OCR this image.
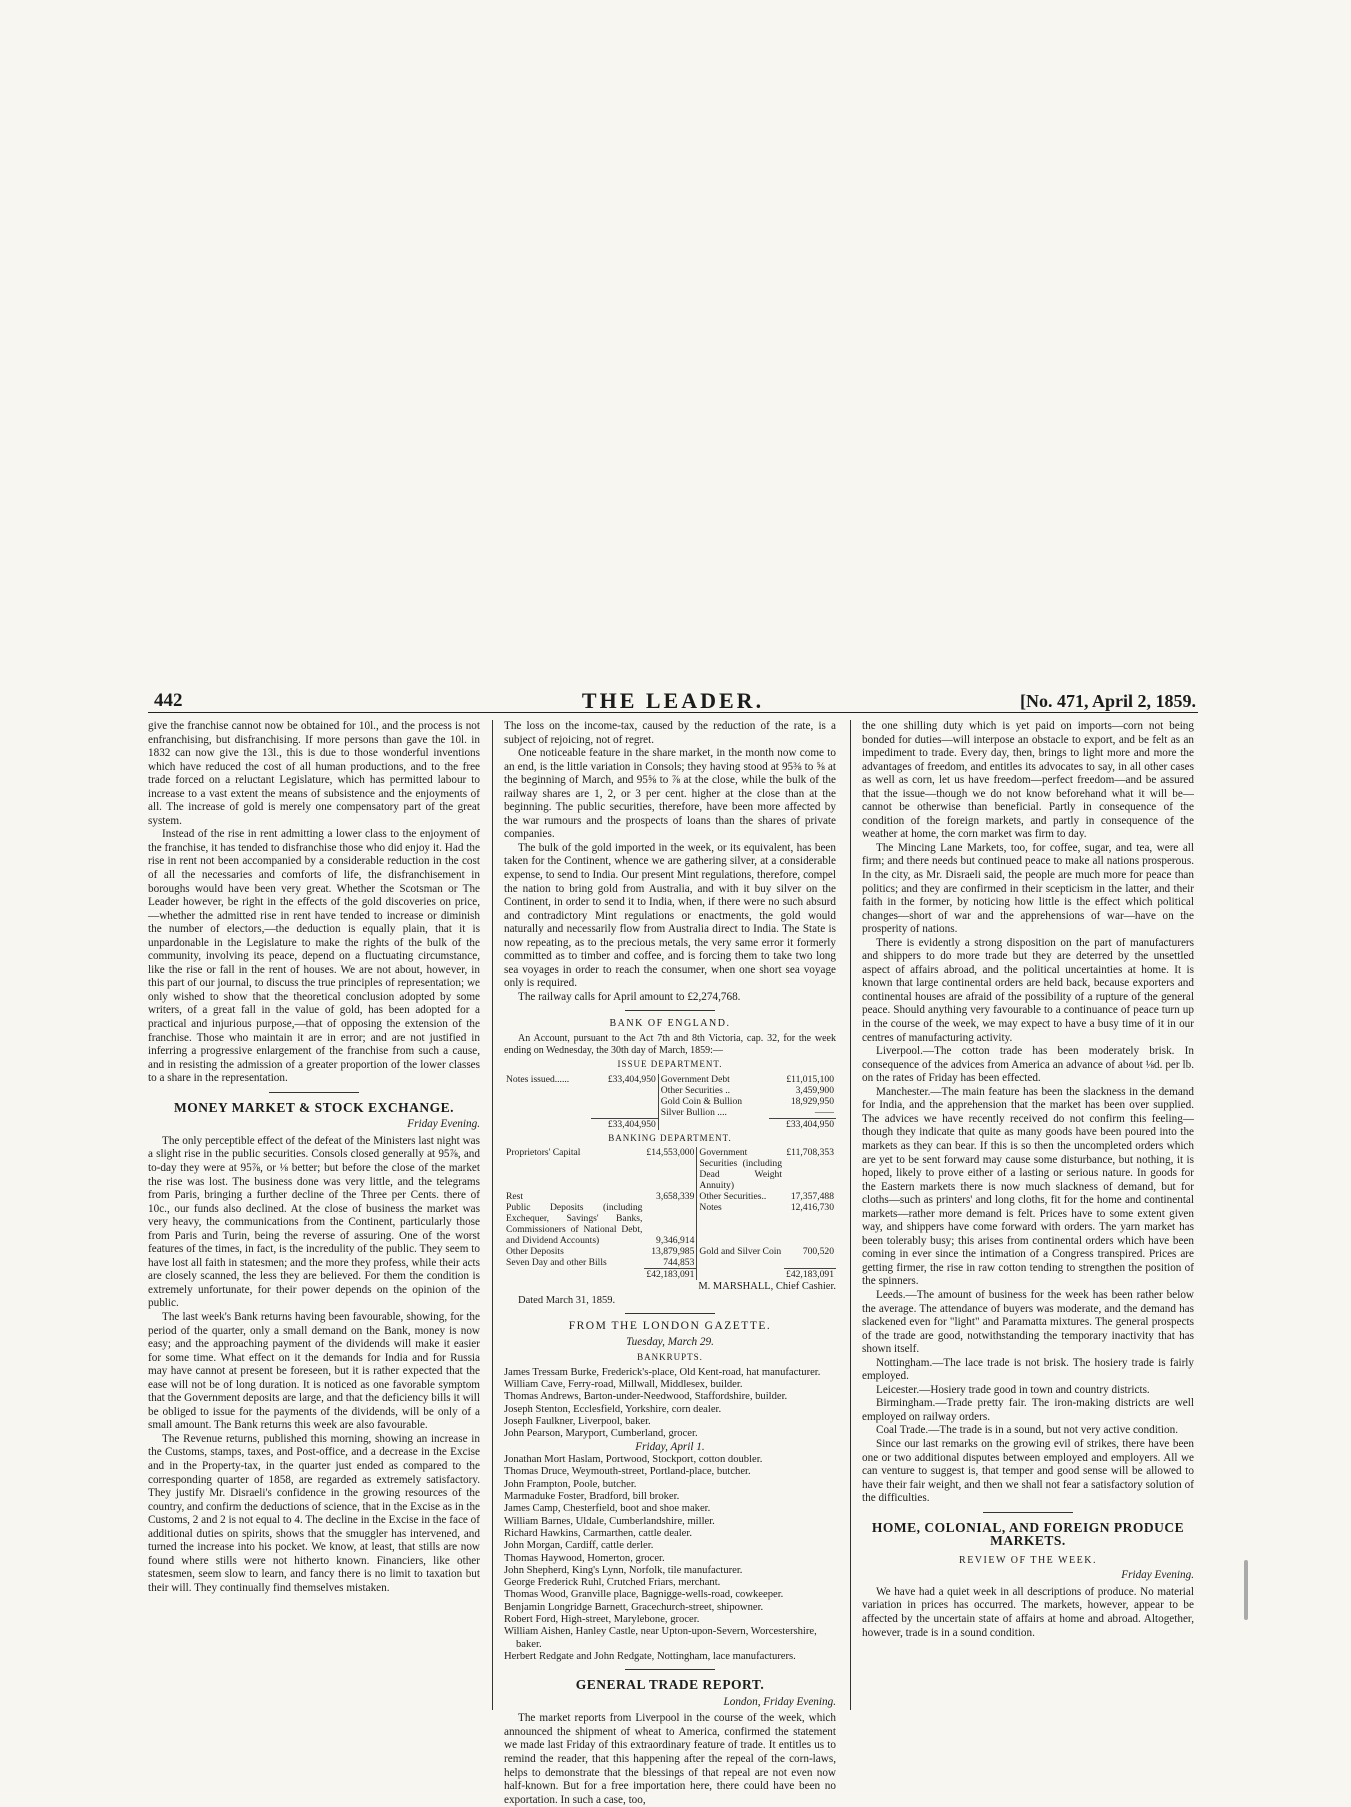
442	THE LEADER.	[No. 471, April 2, 1859.

give the franchise cannot now be obtained for 10l., and the process is not enfranchising, but disfranchising. If more persons than gave the 10l. in 1832 can now give the 13l., this is due to those wonderful inventions which have reduced the cost of all human productions, and to the free trade forced on a reluctant Legislature, which has permitted labour to increase to a vast extent the means of subsistence and the enjoyments of all. The increase of gold is merely one compensatory part of the great system.

Instead of the rise in rent admitting a lower class to the enjoyment of the franchise, it has tended to disfranchise those who did enjoy it. Had the rise in rent not been accompanied by a considerable reduction in the cost of all the necessaries and comforts of life, the disfranchisement in boroughs would have been very great. Whether the Scotsman or The Leader however, be right in the effects of the gold discoveries on price, —whether the admitted rise in rent have tended to increase or diminish the number of electors,—the deduction is equally plain, that it is unpardonable in the Legislature to make the rights of the bulk of the community, involving its peace, depend on a fluctuating circumstance, like the rise or fall in the rent of houses. We are not about, however, in this part of our journal, to discuss the true principles of representation; we only wished to show that the theoretical conclusion adopted by some writers, of a great fall in the value of gold, has been adopted for a practical and injurious purpose,—that of opposing the extension of the franchise. Those who maintain it are in error; and are not justified in inferring a progressive enlargement of the franchise from such a cause, and in resisting the admission of a greater proportion of the lower classes to a share in the representation.

MONEY MARKET & STOCK EXCHANGE.
Friday Evening.

The only perceptible effect of the defeat of the Ministers last night was a slight rise in the public securities. Consols closed generally at 95⅞, and to-day they were at 95⅞, or ⅛ better; but before the close of the market the rise was lost. The business done was very little, and the telegrams from Paris, bringing a further decline of the Three per Cents. there of 10c., our funds also declined. At the close of business the market was very heavy, the communications from the Continent, particularly those from Paris and Turin, being the reverse of assuring. One of the worst features of the times, in fact, is the incredulity of the public. They seem to have lost all faith in statesmen; and the more they profess, while their acts are closely scanned, the less they are believed. For them the condition is extremely unfortunate, for their power depends on the opinion of the public.

The last week's Bank returns having been favourable, showing, for the period of the quarter, only a small demand on the Bank, money is now easy; and the approaching payment of the dividends will make it easier for some time. What effect on it the demands for India and for Russia may have cannot at present be foreseen, but it is rather expected that the ease will not be of long duration. It is noticed as one favorable symptom that the Government deposits are large, and that the deficiency bills it will be obliged to issue for the payments of the dividends, will be only of a small amount. The Bank returns this week are also favourable.

The Revenue returns, published this morning, showing an increase in the Customs, stamps, taxes, and Post-office, and a decrease in the Excise and in the Property-tax, in the quarter just ended as compared to the corresponding quarter of 1858, are regarded as extremely satisfactory. They justify Mr. Disraeli's confidence in the growing resources of the country, and confirm the deductions of science, that in the Excise as in the Customs, 2 and 2 is not equal to 4. The decline in the Excise in the face of additional duties on spirits, shows that the smuggler has intervened, and turned the increase into his pocket. We know, at least, that stills are now found where stills were not hitherto known. Financiers, like other statesmen, seem slow to learn, and fancy there is no limit to taxation but their will. They continually find themselves mistaken.

The loss on the income-tax, caused by the reduction of the rate, is a subject of rejoicing, not of regret.

One noticeable feature in the share market, in the month now come to an end, is the little variation in Consols; they having stood at 95⅜ to ⅝ at the beginning of March, and 95⅝ to ⅞ at the close, while the bulk of the railway shares are 1, 2, or 3 per cent. higher at the close than at the beginning. The public securities, therefore, have been more affected by the war rumours and the prospects of loans than the shares of private companies.

The bulk of the gold imported in the week, or its equivalent, has been taken for the Continent, whence we are gathering silver, at a considerable expense, to send to India. Our present Mint regulations, therefore, compel the nation to bring gold from Australia, and with it buy silver on the Continent, in order to send it to India, when, if there were no such absurd and contradictory Mint regulations or enactments, the gold would naturally and necessarily flow from Australia direct to India. The State is now repeating, as to the precious metals, the very same error it formerly committed as to timber and coffee, and is forcing them to take two long sea voyages in order to reach the consumer, when one short sea voyage only is required.

The railway calls for April amount to £2,274,768.

BANK OF ENGLAND.

An Account, pursuant to the Act 7th and 8th Victoria, cap. 32, for the week ending on Wednesday, the 30th day of March, 1859:—

ISSUE DEPARTMENT.
Notes issued......	£33,404,950	Government Debt	£11,015,100
		Other Securities ..	3,459,900
		Gold Coin & Bullion	18,929,950
		Silver Bullion ....	——
	£33,404,950		£33,404,950
BANKING DEPARTMENT.
Proprietors' Capital	£14,553,000	Government Securities (including Dead Weight Annuity)	£11,708,353
Rest	3,658,339	Other Securities..	17,357,488
Public Deposits (including Exchequer, Savings' Banks, Commissioners of National Debt, and Dividend Accounts)	9,346,914	Notes	12,416,730
Other Deposits	13,879,985	Gold and Silver Coin	700,520
Seven Day and other Bills	744,853		
	£42,183,091		£42,183,091
M. MARSHALL, Chief Cashier.

Dated March 31, 1859.

FROM THE LONDON GAZETTE.
Tuesday, March 29.
BANKRUPTS.
James Tressam Burke, Frederick's-place, Old Kent-road, hat manufacturer.
William Cave, Ferry-road, Millwall, Middlesex, builder.
Thomas Andrews, Barton-under-Needwood, Staffordshire, builder.
Joseph Stenton, Ecclesfield, Yorkshire, corn dealer.
Joseph Faulkner, Liverpool, baker.
John Pearson, Maryport, Cumberland, grocer.
Friday, April 1.
Jonathan Mort Haslam, Portwood, Stockport, cotton doubler.
Thomas Druce, Weymouth-street, Portland-place, butcher.
John Frampton, Poole, butcher.
Marmaduke Foster, Bradford, bill broker.
James Camp, Chesterfield, boot and shoe maker.
William Barnes, Uldale, Cumberlandshire, miller.
Richard Hawkins, Carmarthen, cattle dealer.
John Morgan, Cardiff, cattle derler.
Thomas Haywood, Homerton, grocer.
John Shepherd, King's Lynn, Norfolk, tile manufacturer.
George Frederick Ruhl, Crutched Friars, merchant.
Thomas Wood, Granville place, Bagnigge-wells-road, cowkeeper.
Benjamin Longridge Barnett, Gracechurch-street, shipowner.
Robert Ford, High-street, Marylebone, grocer.
William Aishen, Hanley Castle, near Upton-upon-Severn, Worcestershire, baker.
Herbert Redgate and John Redgate, Nottingham, lace manufacturers.
GENERAL TRADE REPORT.
London, Friday Evening.

The market reports from Liverpool in the course of the week, which announced the shipment of wheat to America, confirmed the statement we made last Friday of this extraordinary feature of trade. It entitles us to remind the reader, that this happening after the repeal of the corn-laws, helps to demonstrate that the blessings of that repeal are not even now half-known. But for a free importation here, there could have been no exportation. In such a case, too,

the one shilling duty which is yet paid on imports—corn not being bonded for duties—will interpose an obstacle to export, and be felt as an impediment to trade. Every day, then, brings to light more and more the advantages of freedom, and entitles its advocates to say, in all other cases as well as corn, let us have freedom—perfect freedom—and be assured that the issue—though we do not know beforehand what it will be—cannot be otherwise than beneficial. Partly in consequence of the condition of the foreign markets, and partly in consequence of the weather at home, the corn market was firm to day.

The Mincing Lane Markets, too, for coffee, sugar, and tea, were all firm; and there needs but continued peace to make all nations prosperous. In the city, as Mr. Disraeli said, the people are much more for peace than politics; and they are confirmed in their scepticism in the latter, and their faith in the former, by noticing how little is the effect which political changes—short of war and the apprehensions of war—have on the prosperity of nations.

There is evidently a strong disposition on the part of manufacturers and shippers to do more trade but they are deterred by the unsettled aspect of affairs abroad, and the political uncertainties at home. It is known that large continental orders are held back, because exporters and continental houses are afraid of the possibility of a rupture of the general peace. Should anything very favourable to a continuance of peace turn up in the course of the week, we may expect to have a busy time of it in our centres of manufacturing activity.

Liverpool.—The cotton trade has been moderately brisk. In consequence of the advices from America an advance of about ⅛d. per lb. on the rates of Friday has been effected.

Manchester.—The main feature has been the slackness in the demand for India, and the apprehension that the market has been over supplied. The advices we have recently received do not confirm this feeling—though they indicate that quite as many goods have been poured into the markets as they can bear. If this is so then the uncompleted orders which are yet to be sent forward may cause some disturbance, but nothing, it is hoped, likely to prove either of a lasting or serious nature. In goods for the Eastern markets there is now much slackness of demand, but for cloths—such as printers' and long cloths, fit for the home and continental markets—rather more demand is felt. Prices have to some extent given way, and shippers have come forward with orders. The yarn market has been tolerably busy; this arises from continental orders which have been coming in ever since the intimation of a Congress transpired. Prices are getting firmer, the rise in raw cotton tending to strengthen the position of the spinners.

Leeds.—The amount of business for the week has been rather below the average. The attendance of buyers was moderate, and the demand has slackened even for "light" and Paramatta mixtures. The general prospects of the trade are good, notwithstanding the temporary inactivity that has shown itself.

Nottingham.—The lace trade is not brisk. The hosiery trade is fairly employed.

Leicester.—Hosiery trade good in town and country districts.

Birmingham.—Trade pretty fair. The iron-making districts are well employed on railway orders.

Coal Trade.—The trade is in a sound, but not very active condition.

Since our last remarks on the growing evil of strikes, there have been one or two additional disputes between employed and employers. All we can venture to suggest is, that temper and good sense will be allowed to have their fair weight, and then we shall not fear a satisfactory solution of the difficulties.

HOME, COLONIAL, AND FOREIGN PRODUCE MARKETS.
REVIEW OF THE WEEK.
Friday Evening.

We have had a quiet week in all descriptions of produce. No material variation in prices has occurred. The markets, however, appear to be affected by the uncertain state of affairs at home and abroad. Altogether, however, trade is in a sound condition.
